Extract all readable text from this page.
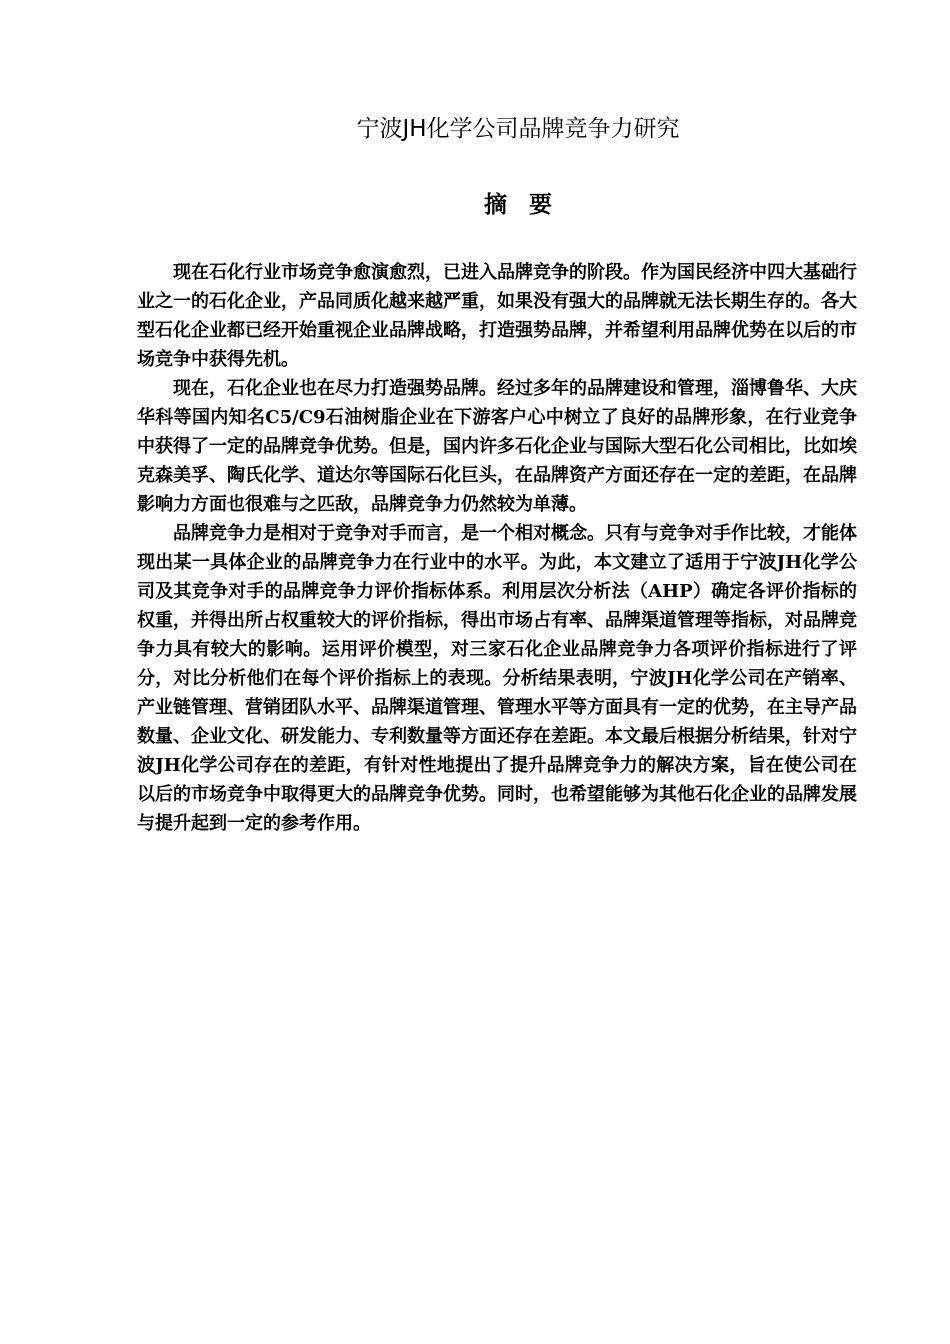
宁波JH化学公司品牌竞争力研究
摘 要

现在石化行业市场竞争愈演愈烈，已进入品牌竞争的阶段。作为国民经济中四大基础行业之一的石化企业，产品同质化越来越严重，如果没有强大的品牌就无法长期生存的。各大型石化企业都已经开始重视企业品牌战略，打造强势品牌，并希望利用品牌优势在以后的市场竞争中获得先机。

现在，石化企业也在尽力打造强势品牌。经过多年的品牌建设和管理，淄博鲁华、大庆华科等国内知名C5/C9石油树脂企业在下游客户心中树立了良好的品牌形象，在行业竞争中获得了一定的品牌竞争优势。但是，国内许多石化企业与国际大型石化公司相比，比如埃克森美孚、陶氏化学、道达尔等国际石化巨头，在品牌资产方面还存在一定的差距，在品牌影响力方面也很难与之匹敌，品牌竞争力仍然较为单薄。

品牌竞争力是相对于竞争对手而言，是一个相对概念。只有与竞争对手作比较，才能体现出某一具体企业的品牌竞争力在行业中的水平。为此，本文建立了适用于宁波JH化学公司及其竞争对手的品牌竞争力评价指标体系。利用层次分析法（AHP）确定各评价指标的权重，并得出所占权重较大的评价指标，得出市场占有率、品牌渠道管理等指标，对品牌竞争力具有较大的影响。运用评价模型，对三家石化企业品牌竞争力各项评价指标进行了评分，对比分析他们在每个评价指标上的表现。分析结果表明，宁波JH化学公司在产销率、产业链管理、营销团队水平、品牌渠道管理、管理水平等方面具有一定的优势，在主导产品数量、企业文化、研发能力、专利数量等方面还存在差距。本文最后根据分析结果，针对宁波JH化学公司存在的差距，有针对性地提出了提升品牌竞争力的解决方案，旨在使公司在以后的市场竞争中取得更大的品牌竞争优势。同时，也希望能够为其他石化企业的品牌发展与提升起到一定的参考作用。
